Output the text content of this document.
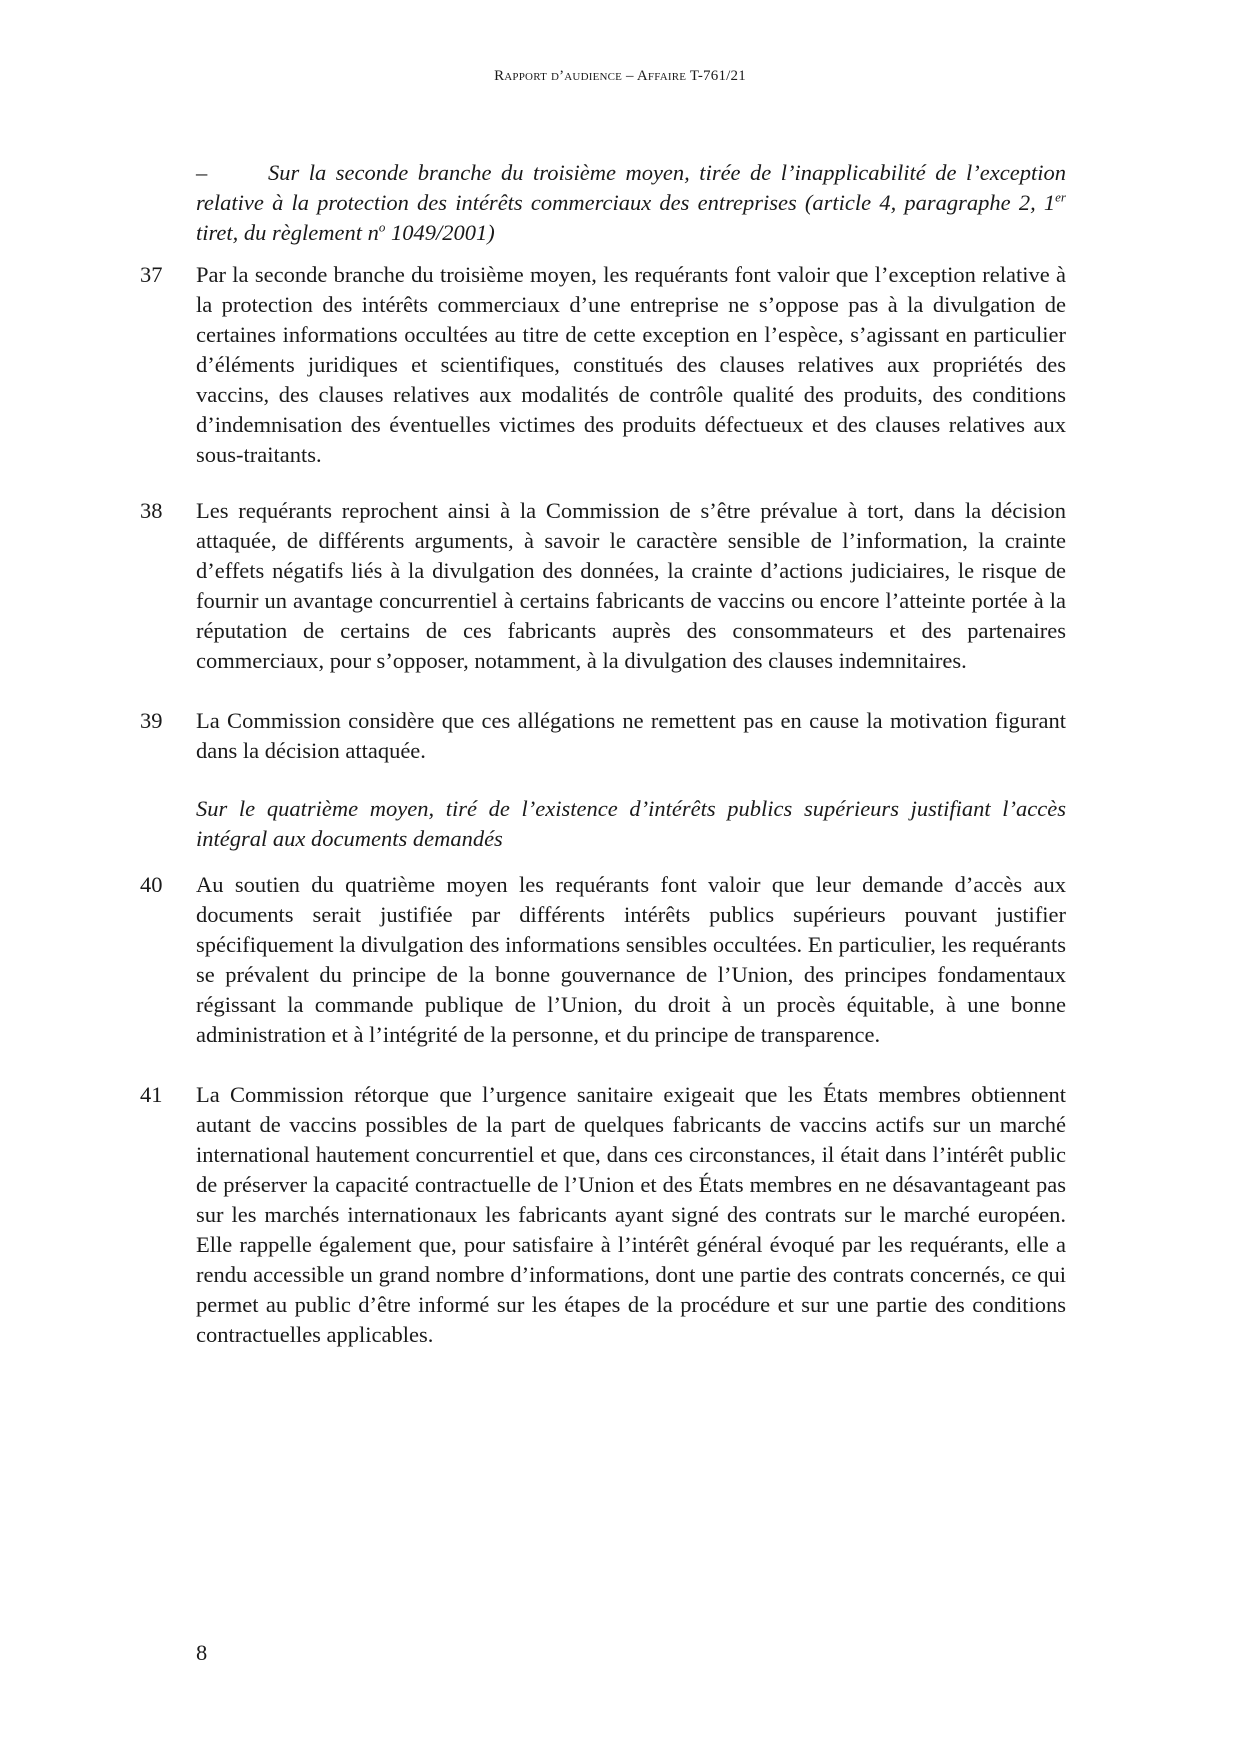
Rapport d’audience – Affaire T-761/21
–	Sur la seconde branche du troisième moyen, tirée de l’inapplicabilité de l’exception relative à la protection des intérêts commerciaux des entreprises (article 4, paragraphe 2, 1er tiret, du règlement $n^o$ 1049/2001)
37	Par la seconde branche du troisième moyen, les requérants font valoir que l’exception relative à la protection des intérêts commerciaux d’une entreprise ne s’oppose pas à la divulgation de certaines informations occultées au titre de cette exception en l’espèce, s’agissant en particulier d’éléments juridiques et scientifiques, constitués des clauses relatives aux propriétés des vaccins, des clauses relatives aux modalités de contrôle qualité des produits, des conditions d’indemnisation des éventuelles victimes des produits défectueux et des clauses relatives aux sous-traitants.
38	Les requérants reprochent ainsi à la Commission de s’être prévalue à tort, dans la décision attaquée, de différents arguments, à savoir le caractère sensible de l’information, la crainte d’effets négatifs liés à la divulgation des données, la crainte d’actions judiciaires, le risque de fournir un avantage concurrentiel à certains fabricants de vaccins ou encore l’atteinte portée à la réputation de certains de ces fabricants auprès des consommateurs et des partenaires commerciaux, pour s’opposer, notamment, à la divulgation des clauses indemnitaires.
39	La Commission considère que ces allégations ne remettent pas en cause la motivation figurant dans la décision attaquée.
Sur le quatrième moyen, tiré de l’existence d’intérêts publics supérieurs justifiant l’accès intégral aux documents demandés
40	Au soutien du quatrième moyen les requérants font valoir que leur demande d’accès aux documents serait justifiée par différents intérêts publics supérieurs pouvant justifier spécifiquement la divulgation des informations sensibles occultées. En particulier, les requérants se prévalent du principe de la bonne gouvernance de l’Union, des principes fondamentaux régissant la commande publique de l’Union, du droit à un procès équitable, à une bonne administration et à l’intégrité de la personne, et du principe de transparence.
41	La Commission rétorque que l’urgence sanitaire exigeait que les États membres obtiennent autant de vaccins possibles de la part de quelques fabricants de vaccins actifs sur un marché international hautement concurrentiel et que, dans ces circonstances, il était dans l’intérêt public de préserver la capacité contractuelle de l’Union et des États membres en ne désavantageant pas sur les marchés internationaux les fabricants ayant signé des contrats sur le marché européen. Elle rappelle également que, pour satisfaire à l’intérêt général évoqué par les requérants, elle a rendu accessible un grand nombre d’informations, dont une partie des contrats concernés, ce qui permet au public d’être informé sur les étapes de la procédure et sur une partie des conditions contractuelles applicables.
8
